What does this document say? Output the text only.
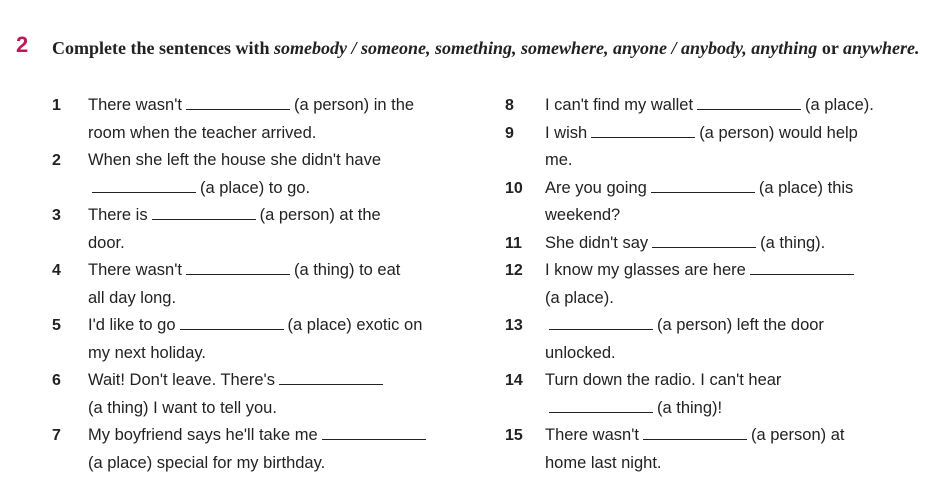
2 Complete the sentences with somebody / someone, something, somewhere, anyone / anybody, anything or anywhere.
1	There wasn't	(a person) in the
room when the teacher arrived.
2	When she left the house she didn't have
(a place) to go.
3	There is	(a person) at the
door.
4	There wasn't	(a thing) to eat
all day long.
5	I'd like to go	(a place) exotic on
my next holiday.
6	Wait! Don't leave. There's
(a thing) I want to tell you.
7	My boyfriend says he'll take me
(a place) special for my birthday.
8	I can't find my wallet	(a place).
9	I wish	(a person) would help
me.
10	Are you going	(a place) this
weekend?
11	She didn't say	(a thing).
12	I know my glasses are here
(a place).
13	(a person) left the door
unlocked.
14	Turn down the radio. I can't hear
(a thing)!
15	There wasn't	(a person) at
home last night.
